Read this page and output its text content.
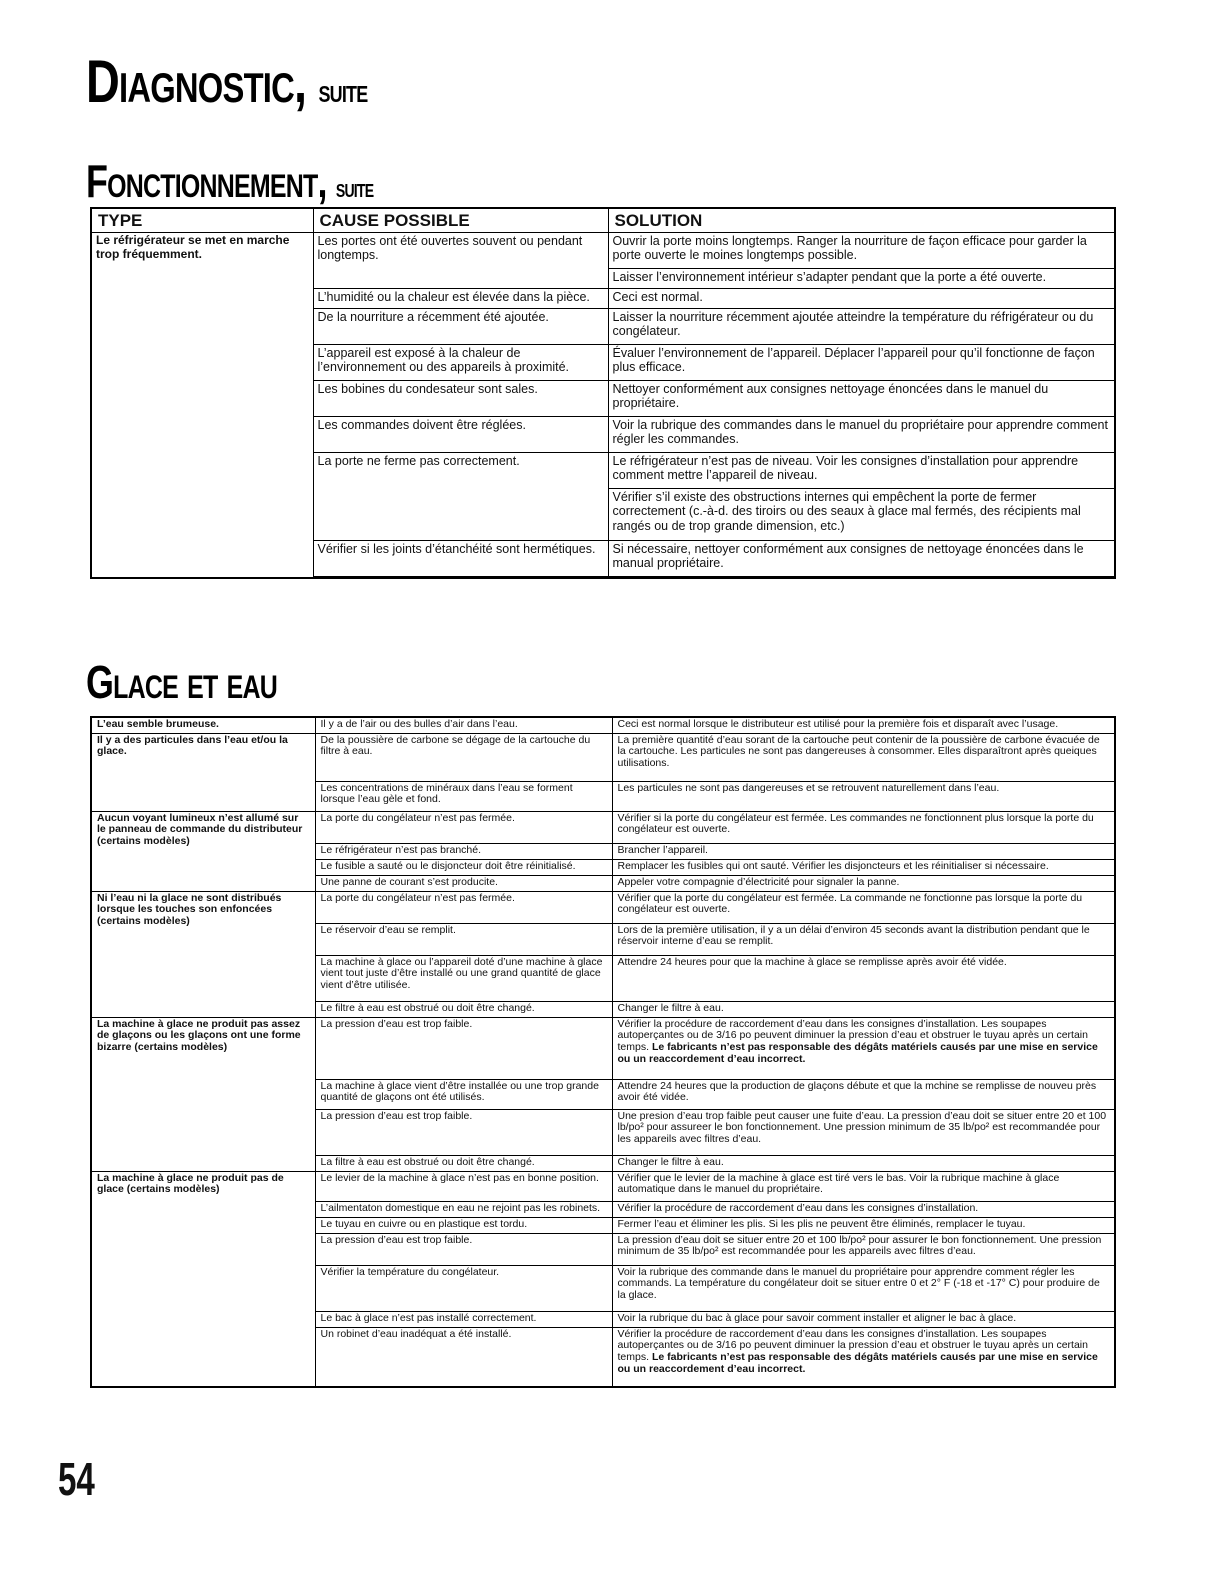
Diagnostic, suite
Fonctionnement, suite
TYPE	CAUSE POSSIBLE	SOLUTION
Le réfrigérateur se met en marche trop fréquemment.	Les portes ont été ouvertes souvent ou pendant longtemps.	Ouvrir la porte moins longtemps. Ranger la nourriture de façon efficace pour garder la porte ouverte le moines longtemps possible.
		Laisser l’environnement intérieur s’adapter pendant que la porte a été ouverte.
	L’humidité ou la chaleur est élevée dans la pièce.	Ceci est normal.
	De la nourriture a récemment été ajoutée.	Laisser la nourriture récemment ajoutée atteindre la température du réfrigérateur ou du congélateur.
	L’appareil est exposé à la chaleur de l’environnement ou des appareils à proximité.	Évaluer l’environnement de l’appareil. Déplacer l’appareil pour qu’il fonctionne de façon plus efficace.
	Les bobines du condesateur sont sales.	Nettoyer conformément aux consignes nettoyage énoncées dans le manuel du propriétaire.
	Les commandes doivent être réglées.	Voir la rubrique des commandes dans le manuel du propriétaire pour apprendre comment régler les commandes.
	La porte ne ferme pas correctement.	Le réfrigérateur n’est pas de niveau. Voir les consignes d’installation pour apprendre comment mettre l’appareil de niveau.
		Vérifier s’il existe des obstructions internes qui empêchent la porte de fermer correctement (c.-à-d. des tiroirs ou des seaux à glace mal fermés, des récipients mal rangés ou de trop grande dimension, etc.)
	Vérifier si les joints d’étanchéité sont hermétiques.	Si nécessaire, nettoyer conformément aux consignes de nettoyage énoncées dans le manual propriétaire.

Glace et eau
L’eau semble brumeuse.	Il y a de l’air ou des bulles d’air dans l’eau.	Ceci est normal lorsque le distributeur est utilisé pour la première fois et disparaît avec l’usage.
Il y a des particules dans l’eau et/ou la glace.	De la poussière de carbone se dégage de la cartouche du filtre à eau.	La première quantité d’eau sorant de la cartouche peut contenir de la poussière de carbone évacuée de la cartouche. Les particules ne sont pas dangereuses à consommer. Elles disparaîtront après queiques utilisations.
	Les concentrations de minéraux dans l’eau se forment lorsque l’eau gèle et fond.	Les particules ne sont pas dangereuses et se retrouvent naturellement dans l’eau.
Aucun voyant lumineux n’est allumé sur le panneau de commande du distributeur (certains modèles)	La porte du congélateur n’est pas fermée.	Vérifier si la porte du congélateur est fermée. Les commandes ne fonctionnent plus lorsque la porte du congélateur est ouverte.
	Le réfrigérateur n’est pas branché.	Brancher l’appareil.
	Le fusible a sauté ou le disjoncteur doit être réinitialisé.	Remplacer les fusibles qui ont sauté. Vérifier les disjoncteurs et les réinitialiser si nécessaire.
	Une panne de courant s’est producite.	Appeler votre compagnie d’électricité pour signaler la panne.
Ni l’eau ni la glace ne sont distribués lorsque les touches son enfoncées (certains modèles)	La porte du congélateur n’est pas fermée.	Vérifier que la porte du congélateur est fermée. La commande ne fonctionne pas lorsque la porte du congélateur est ouverte.
	Le réservoir d’eau se remplit.	Lors de la première utilisation, il y a un délai d’environ 45 seconds avant la distribution pendant que le réservoir interne d’eau se remplit.
	La machine à glace ou l’appareil doté d’une machine à glace vient tout juste d’être installé ou une grand quantité de glace vient d’être utilisée.	Attendre 24 heures pour que la machine à glace se remplisse après avoir été vidée.
	Le filtre à eau est obstrué ou doit être changé.	Changer le filtre à eau.
La machine à glace ne produit pas assez de glaçons ou les glaçons ont une forme bizarre (certains modèles)	La pression d’eau est trop faible.	Vérifier la procédure de raccordement d’eau dans les consignes d’installation. Les soupapes autoperçantes ou de 3/16 po peuvent diminuer la pression d’eau et obstruer le tuyau après un certain temps. Le fabricants n’est pas responsable des dégâts matériels causés par une mise en service ou un reaccordement d’eau incorrect.
	La machine à glace vient d’être installée ou une trop grande quantité de glaçons ont été utilisés.	Attendre 24 heures que la production de glaçons débute et que la mchine se remplisse de nouveu près avoir été vidée.
	La pression d’eau est trop faible.	Une presion d’eau trop faible peut causer une fuite d’eau. La pression d’eau doit se situer entre 20 et 100 lb/po² pour assureer le bon fonctionnement. Une pression minimum de 35 lb/po² est recommandée pour les appareils avec filtres d’eau.
	La filtre à eau est obstrué ou doit être changé.	Changer le filtre à eau.
La machine à glace ne produit pas de glace (certains modèles)	Le levier de la machine à glace n’est pas en bonne position.	Vérifier que le levier de la machine à glace est tiré vers le bas. Voir la rubrique machine à glace automatique dans le manuel du propriétaire.
	L’ailmentaton domestique en eau ne rejoint pas les robinets.	Vérifier la procédure de raccordement d’eau dans les consignes d’installation.
	Le tuyau en cuivre ou en plastique est tordu.	Fermer l’eau et éliminer les plis. Si les plis ne peuvent être éliminés, remplacer le tuyau.
	La pression d’eau est trop faible.	La pression d’eau doit se situer entre 20 et 100 lb/po² pour assurer le bon fonctionnement. Une pression minimum de 35 lb/po² est recommandée pour les appareils avec filtres d’eau.
	Vérifier la température du congélateur.	Voir la rubrique des commande dans le manuel du propriétaire pour apprendre comment régler les commands. La température du congélateur doit se situer entre 0 et 2° F (-18 et -17° C) pour produire de la glace.
	Le bac à glace n’est pas installé correctement.	Voir la rubrique du bac à glace pour savoir comment installer et aligner le bac à glace.
	Un robinet d’eau inadéquat a été installé.	Vérifier la procédure de raccordement d’eau dans les consignes d’installation. Les soupapes autoperçantes ou de 3/16 po peuvent diminuer la pression d’eau et obstruer le tuyau après un certain temps. Le fabricants n’est pas responsable des dégâts matériels causés par une mise en service ou un reaccordement d’eau incorrect.
54
